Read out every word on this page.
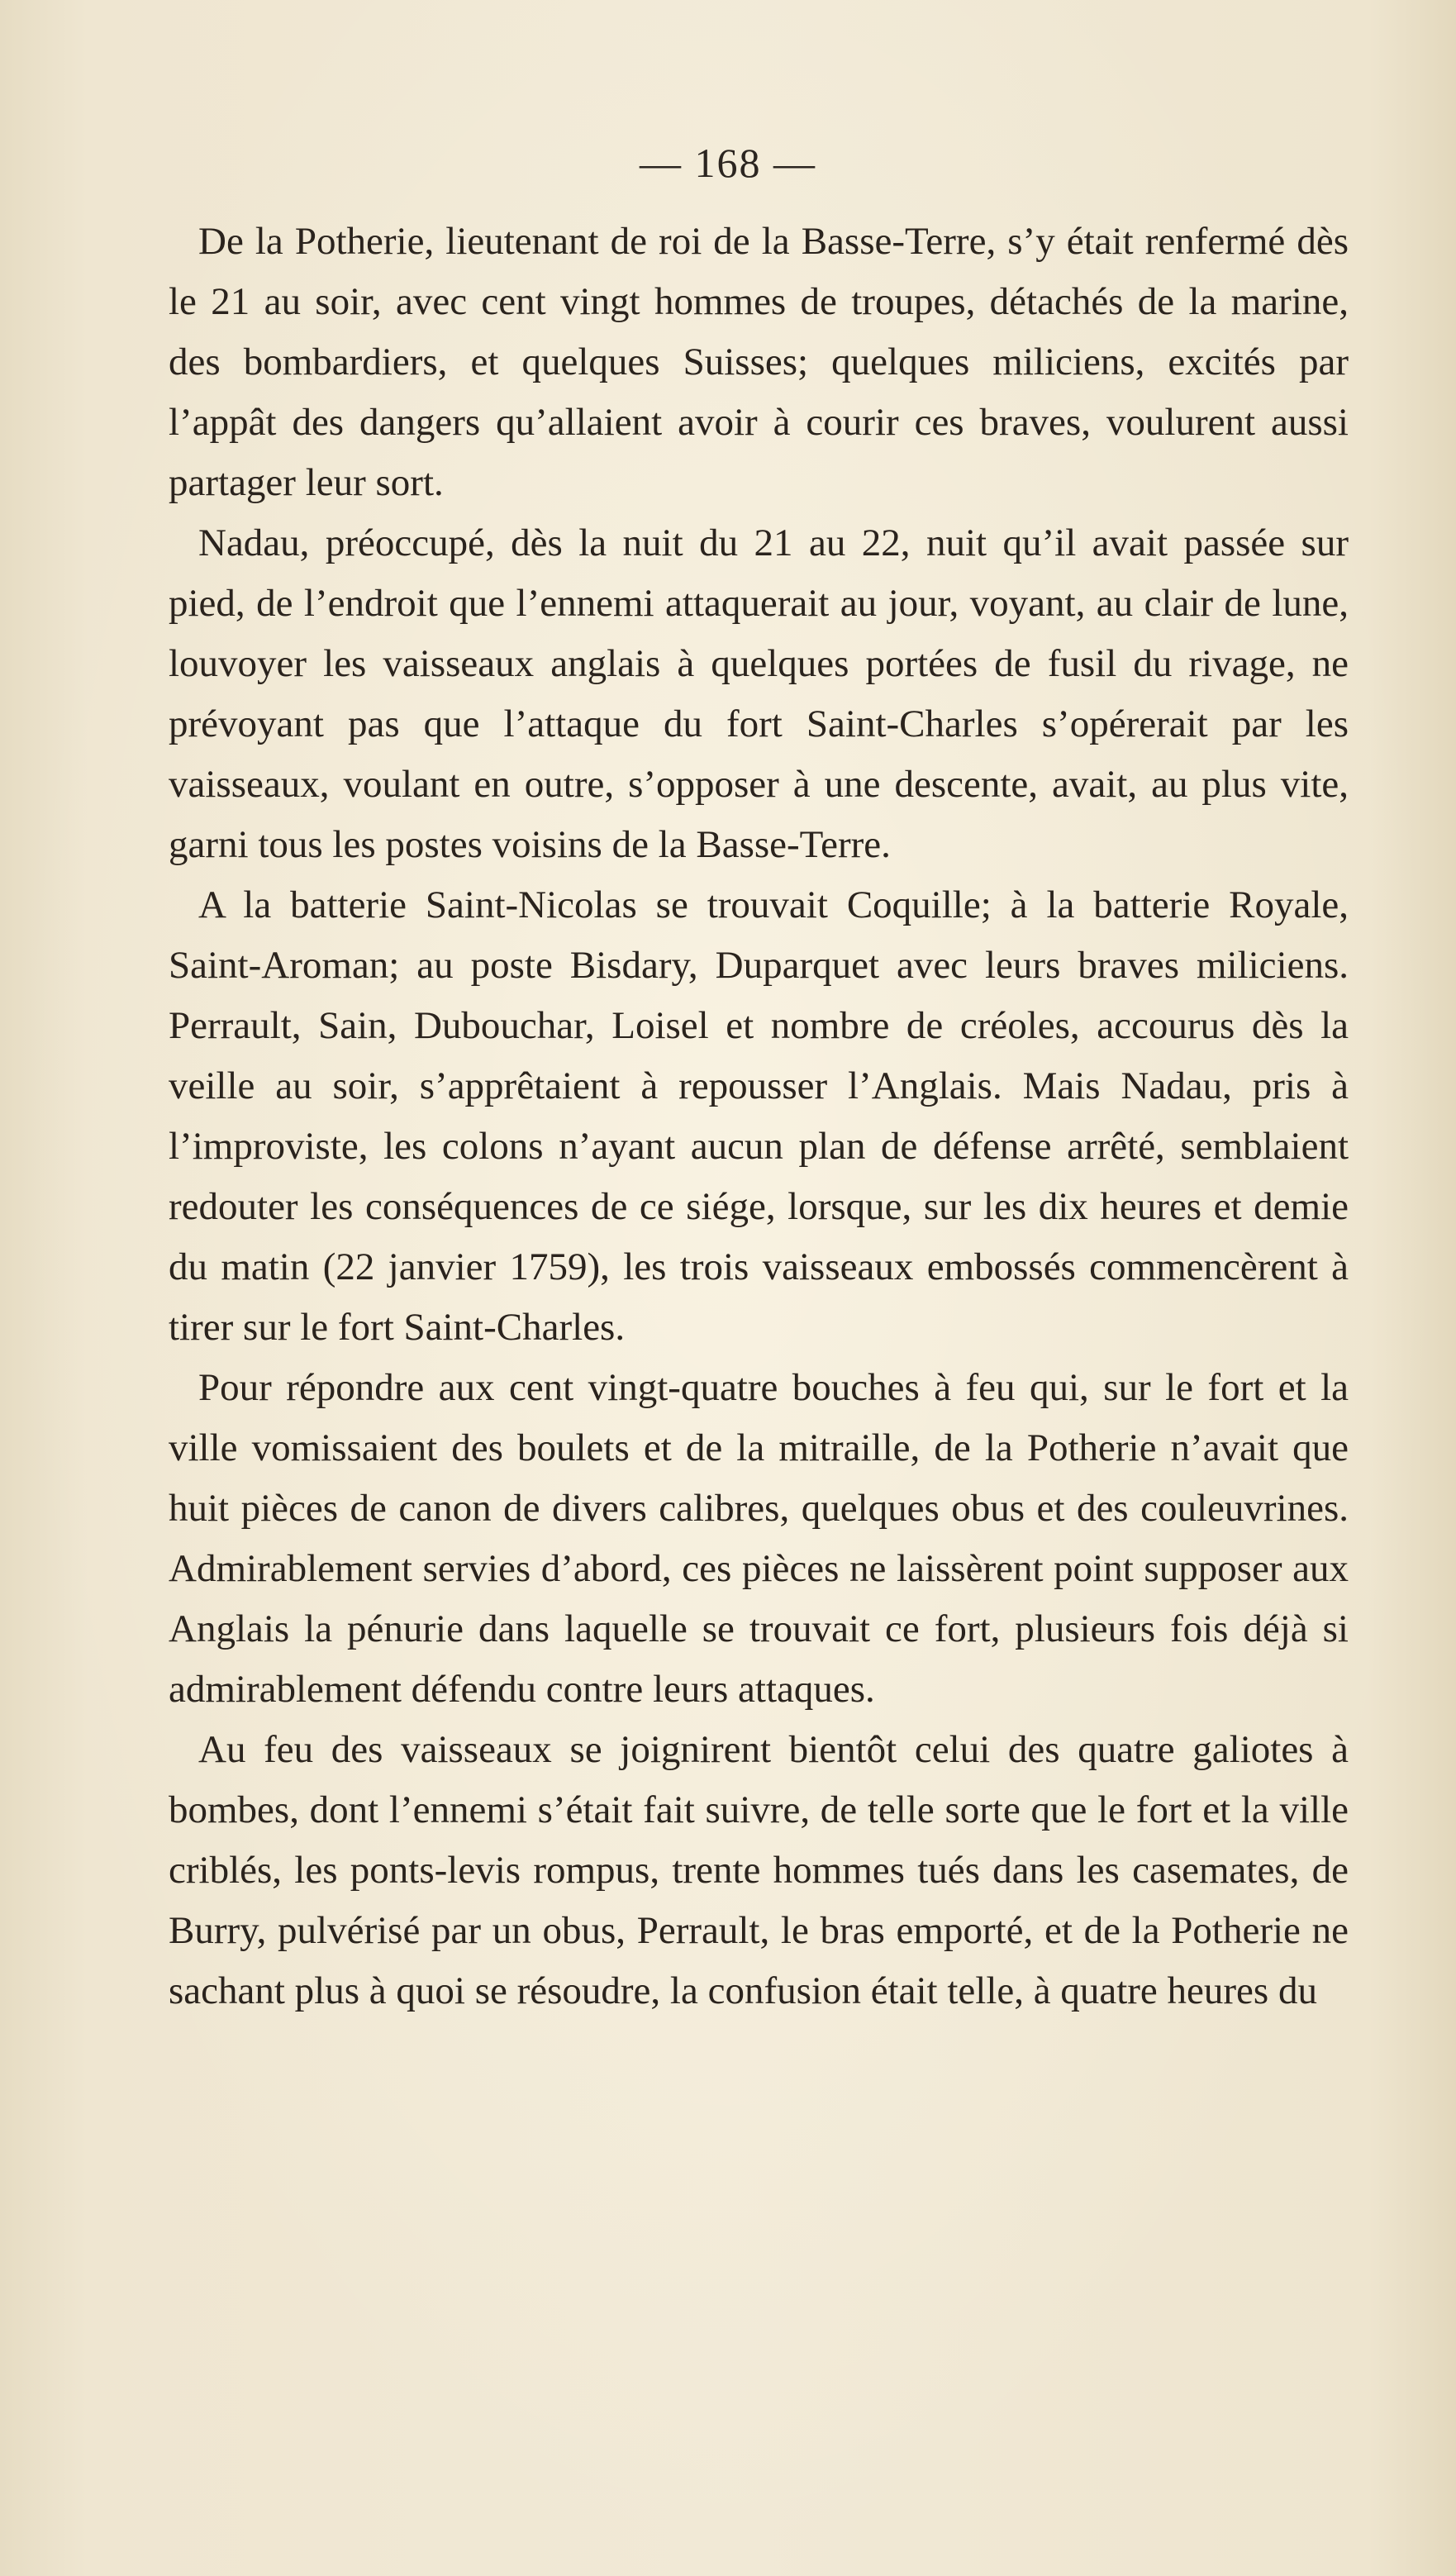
— 168 —

De la Potherie, lieutenant de roi de la Basse-Terre, s’y était renfermé dès le 21 au soir, avec cent vingt hommes de troupes, détachés de la marine, des bombardiers, et quelques Suisses; quelques miliciens, excités par l’appât des dangers qu’allaient avoir à courir ces braves, voulurent aussi partager leur sort.

Nadau, préoccupé, dès la nuit du 21 au 22, nuit qu’il avait passée sur pied, de l’endroit que l’ennemi attaquerait au jour, voyant, au clair de lune, louvoyer les vaisseaux anglais à quelques portées de fusil du rivage, ne prévoyant pas que l’attaque du fort Saint-Charles s’opérerait par les vaisseaux, voulant en outre, s’opposer à une descente, avait, au plus vite, garni tous les postes voisins de la Basse-Terre.

A la batterie Saint-Nicolas se trouvait Coquille; à la batterie Royale, Saint-Aroman; au poste Bisdary, Duparquet avec leurs braves miliciens. Perrault, Sain, Dubouchar, Loisel et nombre de créoles, accourus dès la veille au soir, s’apprêtaient à repousser l’Anglais. Mais Nadau, pris à l’improviste, les colons n’ayant aucun plan de défense arrêté, semblaient redouter les conséquences de ce siége, lorsque, sur les dix heures et demie du matin (22 janvier 1759), les trois vaisseaux embossés commencèrent à tirer sur le fort Saint-Charles.

Pour répondre aux cent vingt-quatre bouches à feu qui, sur le fort et la ville vomissaient des boulets et de la mitraille, de la Potherie n’avait que huit pièces de canon de divers calibres, quelques obus et des couleuvrines. Admirablement servies d’abord, ces pièces ne laissèrent point supposer aux Anglais la pénurie dans laquelle se trouvait ce fort, plusieurs fois déjà si admirablement défendu contre leurs attaques.

Au feu des vaisseaux se joignirent bientôt celui des quatre galiotes à bombes, dont l’ennemi s’était fait suivre, de telle sorte que le fort et la ville criblés, les ponts-levis rompus, trente hommes tués dans les casemates, de Burry, pulvérisé par un obus, Perrault, le bras emporté, et de la Potherie ne sachant plus à quoi se résoudre, la confusion était telle, à quatre heures du
